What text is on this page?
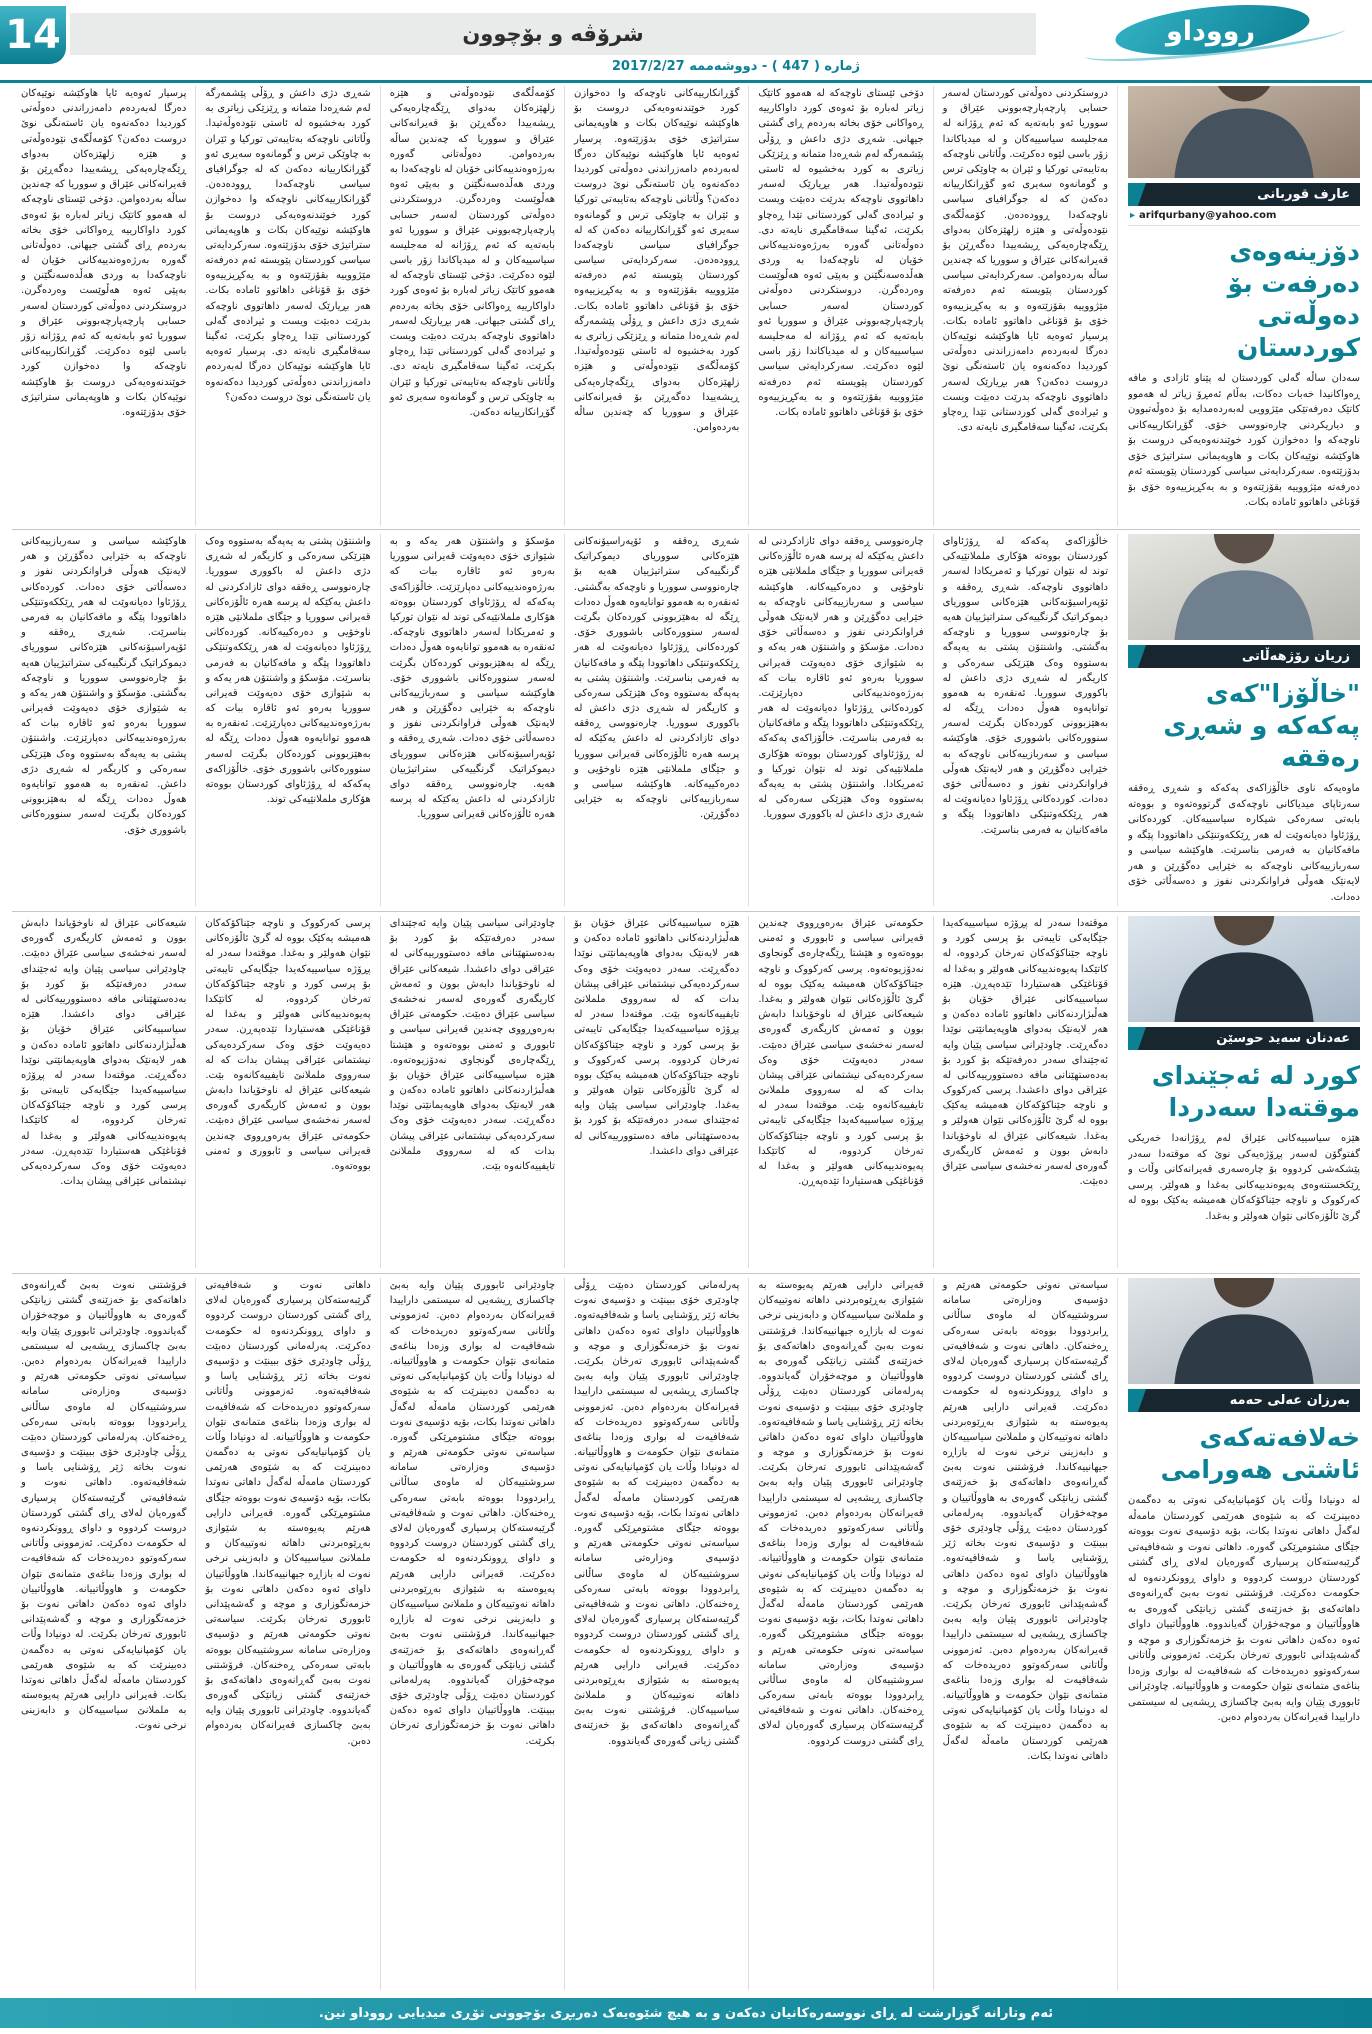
14	شرۆڤە و بۆچوون	رووداو
ژمارە ( 447 ) - دووشەممە 2017/2/27
عارف قوربانی
▸ arifqurbany@yahoo.com
دۆزینەوەی دەرفەت بۆ دەوڵەتی کوردستان

سەدان ساڵە گەلی کوردستان لە پێناو ئازادی و مافە ڕەواکانیدا خەبات دەکات، بەڵام ئەمڕۆ زیاتر لە هەموو کاتێک دەرفەتێکی مێژوویی لەبەردەمدایە بۆ دەوڵەتبوون و دیاریکردنی چارەنووسی خۆی. گۆڕانکارییەکانی ناوچەکە وا دەخوازن کورد خوێندنەوەیەکی دروست بۆ هاوکێشە نوێیەکان بکات و هاوپەیمانی ستراتیژی خۆی بدۆزێتەوە. سەرکردایەتی سیاسی کوردستان پێویستە ئەم دەرفەتە مێژووییە بقۆزێتەوە و بە یەکڕیزییەوە خۆی بۆ قۆناغی داهاتوو ئامادە بکات.

دروستکردنی دەوڵەتی کوردستان لەسەر حسابی پارچەپارچەبوونی عێراق و سووریا ئەو بابەتەیە کە ئەم ڕۆژانە لە مەجلیسە سیاسییەکان و لە میدیاکاندا زۆر باسی لێوە دەکرێت. وڵاتانی ناوچەکە بەتایبەتی تورکیا و ئێران بە چاوێکی ترس و گومانەوە سەیری ئەو گۆڕانکارییانە دەکەن کە لە جوگرافیای سیاسی ناوچەکەدا ڕوودەدەن. کۆمەڵگەی نێودەوڵەتی و هێزە زلهێزەکان بەدوای ڕێگەچارەیەکی ڕیشەییدا دەگەڕێن بۆ قەیرانەکانی عێراق و سووریا کە چەندین ساڵە بەردەوامن. سەرکردایەتی سیاسی کوردستان پێویستە ئەم دەرفەتە مێژووییە بقۆزێتەوە و بە یەکڕیزییەوە خۆی بۆ قۆناغی داهاتوو ئامادە بکات. پرسیار ئەوەیە ئایا هاوکێشە نوێیەکان دەرگا لەبەردەم دامەزراندنی دەوڵەتی کوردیدا دەکەنەوە یان ئاستەنگی نوێ دروست دەکەن؟ هەر بڕیارێک لەسەر داهاتووی ناوچەکە بدرێت دەبێت ویست و ئیرادەی گەلی کوردستانی تێدا ڕەچاو بکرێت، ئەگینا سەقامگیری نایەتە دی.
دۆخی ئێستای ناوچەکە لە هەموو کاتێک زیاتر لەبارە بۆ ئەوەی کورد داواکارییە ڕەواکانی خۆی بخاتە بەردەم ڕای گشتی جیهانی. شەڕی دژی داعش و ڕۆڵی پێشمەرگە لەم شەڕەدا متمانە و ڕێزێکی زیاتری بە کورد بەخشیوە لە ئاستی نێودەوڵەتیدا. هەر بڕیارێک لەسەر داهاتووی ناوچەکە بدرێت دەبێت ویست و ئیرادەی گەلی کوردستانی تێدا ڕەچاو بکرێت، ئەگینا سەقامگیری نایەتە دی. دەوڵەتانی گەورە بەرژەوەندییەکانی خۆیان لە ناوچەکەدا بە وردی هەڵدەسەنگێنن و بەپێی ئەوە هەڵوێست وەردەگرن. دروستکردنی دەوڵەتی کوردستان لەسەر حسابی پارچەپارچەبوونی عێراق و سووریا ئەو بابەتەیە کە ئەم ڕۆژانە لە مەجلیسە سیاسییەکان و لە میدیاکاندا زۆر باسی لێوە دەکرێت. سەرکردایەتی سیاسی کوردستان پێویستە ئەم دەرفەتە مێژووییە بقۆزێتەوە و بە یەکڕیزییەوە خۆی بۆ قۆناغی داهاتوو ئامادە بکات.
گۆڕانکارییەکانی ناوچەکە وا دەخوازن کورد خوێندنەوەیەکی دروست بۆ هاوکێشە نوێیەکان بکات و هاوپەیمانی ستراتیژی خۆی بدۆزێتەوە. پرسیار ئەوەیە ئایا هاوکێشە نوێیەکان دەرگا لەبەردەم دامەزراندنی دەوڵەتی کوردیدا دەکەنەوە یان ئاستەنگی نوێ دروست دەکەن؟ وڵاتانی ناوچەکە بەتایبەتی تورکیا و ئێران بە چاوێکی ترس و گومانەوە سەیری ئەو گۆڕانکارییانە دەکەن کە لە جوگرافیای سیاسی ناوچەکەدا ڕوودەدەن. سەرکردایەتی سیاسی کوردستان پێویستە ئەم دەرفەتە مێژووییە بقۆزێتەوە و بە یەکڕیزییەوە خۆی بۆ قۆناغی داهاتوو ئامادە بکات. شەڕی دژی داعش و ڕۆڵی پێشمەرگە لەم شەڕەدا متمانە و ڕێزێکی زیاتری بە کورد بەخشیوە لە ئاستی نێودەوڵەتیدا. کۆمەڵگەی نێودەوڵەتی و هێزە زلهێزەکان بەدوای ڕێگەچارەیەکی ڕیشەییدا دەگەڕێن بۆ قەیرانەکانی عێراق و سووریا کە چەندین ساڵە بەردەوامن.
کۆمەڵگەی نێودەوڵەتی و هێزە زلهێزەکان بەدوای ڕێگەچارەیەکی ڕیشەییدا دەگەڕێن بۆ قەیرانەکانی عێراق و سووریا کە چەندین ساڵە بەردەوامن. دەوڵەتانی گەورە بەرژەوەندییەکانی خۆیان لە ناوچەکەدا بە وردی هەڵدەسەنگێنن و بەپێی ئەوە هەڵوێست وەردەگرن. دروستکردنی دەوڵەتی کوردستان لەسەر حسابی پارچەپارچەبوونی عێراق و سووریا ئەو بابەتەیە کە ئەم ڕۆژانە لە مەجلیسە سیاسییەکان و لە میدیاکاندا زۆر باسی لێوە دەکرێت. دۆخی ئێستای ناوچەکە لە هەموو کاتێک زیاتر لەبارە بۆ ئەوەی کورد داواکارییە ڕەواکانی خۆی بخاتە بەردەم ڕای گشتی جیهانی. هەر بڕیارێک لەسەر داهاتووی ناوچەکە بدرێت دەبێت ویست و ئیرادەی گەلی کوردستانی تێدا ڕەچاو بکرێت، ئەگینا سەقامگیری نایەتە دی. وڵاتانی ناوچەکە بەتایبەتی تورکیا و ئێران بە چاوێکی ترس و گومانەوە سەیری ئەو گۆڕانکارییانە دەکەن.
شەڕی دژی داعش و ڕۆڵی پێشمەرگە لەم شەڕەدا متمانە و ڕێزێکی زیاتری بە کورد بەخشیوە لە ئاستی نێودەوڵەتیدا. وڵاتانی ناوچەکە بەتایبەتی تورکیا و ئێران بە چاوێکی ترس و گومانەوە سەیری ئەو گۆڕانکارییانە دەکەن کە لە جوگرافیای سیاسی ناوچەکەدا ڕوودەدەن. گۆڕانکارییەکانی ناوچەکە وا دەخوازن کورد خوێندنەوەیەکی دروست بۆ هاوکێشە نوێیەکان بکات و هاوپەیمانی ستراتیژی خۆی بدۆزێتەوە. سەرکردایەتی سیاسی کوردستان پێویستە ئەم دەرفەتە مێژووییە بقۆزێتەوە و بە یەکڕیزییەوە خۆی بۆ قۆناغی داهاتوو ئامادە بکات. هەر بڕیارێک لەسەر داهاتووی ناوچەکە بدرێت دەبێت ویست و ئیرادەی گەلی کوردستانی تێدا ڕەچاو بکرێت، ئەگینا سەقامگیری نایەتە دی. پرسیار ئەوەیە ئایا هاوکێشە نوێیەکان دەرگا لەبەردەم دامەزراندنی دەوڵەتی کوردیدا دەکەنەوە یان ئاستەنگی نوێ دروست دەکەن؟
پرسیار ئەوەیە ئایا هاوکێشە نوێیەکان دەرگا لەبەردەم دامەزراندنی دەوڵەتی کوردیدا دەکەنەوە یان ئاستەنگی نوێ دروست دەکەن؟ کۆمەڵگەی نێودەوڵەتی و هێزە زلهێزەکان بەدوای ڕێگەچارەیەکی ڕیشەییدا دەگەڕێن بۆ قەیرانەکانی عێراق و سووریا کە چەندین ساڵە بەردەوامن. دۆخی ئێستای ناوچەکە لە هەموو کاتێک زیاتر لەبارە بۆ ئەوەی کورد داواکارییە ڕەواکانی خۆی بخاتە بەردەم ڕای گشتی جیهانی. دەوڵەتانی گەورە بەرژەوەندییەکانی خۆیان لە ناوچەکەدا بە وردی هەڵدەسەنگێنن و بەپێی ئەوە هەڵوێست وەردەگرن. دروستکردنی دەوڵەتی کوردستان لەسەر حسابی پارچەپارچەبوونی عێراق و سووریا ئەو بابەتەیە کە ئەم ڕۆژانە زۆر باسی لێوە دەکرێت. گۆڕانکارییەکانی ناوچەکە وا دەخوازن کورد خوێندنەوەیەکی دروست بۆ هاوکێشە نوێیەکان بکات و هاوپەیمانی ستراتیژی خۆی بدۆزێتەوە.
زریان رۆژهەڵاتی
"خاڵۆزا"کەی پەکەکە و شەڕی رەققە

ماوەیەکە ناوی خاڵۆزاکەی پەکەکە و شەڕی ڕەققە سەرتاپای میدیاکانی ناوچەکەی گرتووەتەوە و بووەتە بابەتی سەرەکی شیکارە سیاسییەکان. کوردەکانی ڕۆژئاوا دەیانەوێت لە هەر ڕێککەوتنێکی داهاتوودا پێگە و مافەکانیان بە فەرمی بناسرێت. هاوکێشە سیاسی و سەربازییەکانی ناوچەکە بە خێرایی دەگۆڕێن و هەر لایەنێک هەوڵی فراوانکردنی نفوز و دەسەڵاتی خۆی دەدات.

خاڵۆزاکەی پەکەکە لە ڕۆژئاوای کوردستان بووەتە هۆکاری ململانێیەکی توند لە نێوان تورکیا و ئەمریکادا لەسەر داهاتووی ناوچەکە. شەڕی ڕەققە و ئۆپەراسیۆنەکانی هێزەکانی سووریای دیموکراتیک گرنگییەکی ستراتیژییان هەیە بۆ چارەنووسی سووریا و ناوچەکە بەگشتی. واشنتۆن پشتی بە یەپەگە بەستووە وەک هێزێکی سەرەکی و کاریگەر لە شەڕی دژی داعش لە باکووری سووریا. ئەنقەرە بە هەموو توانایەوە هەوڵ دەدات ڕێگە لە بەهێزبوونی کوردەکان بگرێت لەسەر سنوورەکانی باشووری خۆی. هاوکێشە سیاسی و سەربازییەکانی ناوچەکە بە خێرایی دەگۆڕێن و هەر لایەنێک هەوڵی فراوانکردنی نفوز و دەسەڵاتی خۆی دەدات. کوردەکانی ڕۆژئاوا دەیانەوێت لە هەر ڕێککەوتنێکی داهاتوودا پێگە و مافەکانیان بە فەرمی بناسرێت.
چارەنووسی ڕەققە دوای ئازادکردنی لە داعش یەکێکە لە پرسە هەرە ئاڵۆزەکانی قەیرانی سووریا و جێگای ململانێی هێزە ناوخۆیی و دەرەکییەکانە. هاوکێشە سیاسی و سەربازییەکانی ناوچەکە بە خێرایی دەگۆڕێن و هەر لایەنێک هەوڵی فراوانکردنی نفوز و دەسەڵاتی خۆی دەدات. مۆسکۆ و واشنتۆن هەر یەکە و بە شێوازی خۆی دەیەوێت قەیرانی سووریا بەرەو ئەو ئاقارە ببات کە بەرژەوەندییەکانی دەپارێزێت. کوردەکانی ڕۆژئاوا دەیانەوێت لە هەر ڕێککەوتنێکی داهاتوودا پێگە و مافەکانیان بە فەرمی بناسرێت. خاڵۆزاکەی پەکەکە لە ڕۆژئاوای کوردستان بووەتە هۆکاری ململانێیەکی توند لە نێوان تورکیا و ئەمریکادا. واشنتۆن پشتی بە یەپەگە بەستووە وەک هێزێکی سەرەکی لە شەڕی دژی داعش لە باکووری سووریا.
شەڕی ڕەققە و ئۆپەراسیۆنەکانی هێزەکانی سووریای دیموکراتیک گرنگییەکی ستراتیژییان هەیە بۆ چارەنووسی سووریا و ناوچەکە بەگشتی. ئەنقەرە بە هەموو توانایەوە هەوڵ دەدات ڕێگە لە بەهێزبوونی کوردەکان بگرێت لەسەر سنوورەکانی باشووری خۆی. کوردەکانی ڕۆژئاوا دەیانەوێت لە هەر ڕێککەوتنێکی داهاتوودا پێگە و مافەکانیان بە فەرمی بناسرێت. واشنتۆن پشتی بە یەپەگە بەستووە وەک هێزێکی سەرەکی و کاریگەر لە شەڕی دژی داعش لە باکووری سووریا. چارەنووسی ڕەققە دوای ئازادکردنی لە داعش یەکێکە لە پرسە هەرە ئاڵۆزەکانی قەیرانی سووریا و جێگای ململانێی هێزە ناوخۆیی و دەرەکییەکانە. هاوکێشە سیاسی و سەربازییەکانی ناوچەکە بە خێرایی دەگۆڕێن.
مۆسکۆ و واشنتۆن هەر یەکە و بە شێوازی خۆی دەیەوێت قەیرانی سووریا بەرەو ئەو ئاقارە ببات کە بەرژەوەندییەکانی دەپارێزێت. خاڵۆزاکەی پەکەکە لە ڕۆژئاوای کوردستان بووەتە هۆکاری ململانێیەکی توند لە نێوان تورکیا و ئەمریکادا لەسەر داهاتووی ناوچەکە. ئەنقەرە بە هەموو توانایەوە هەوڵ دەدات ڕێگە لە بەهێزبوونی کوردەکان بگرێت لەسەر سنوورەکانی باشووری خۆی. هاوکێشە سیاسی و سەربازییەکانی ناوچەکە بە خێرایی دەگۆڕێن و هەر لایەنێک هەوڵی فراوانکردنی نفوز و دەسەڵاتی خۆی دەدات. شەڕی ڕەققە و ئۆپەراسیۆنەکانی هێزەکانی سووریای دیموکراتیک گرنگییەکی ستراتیژییان هەیە. چارەنووسی ڕەققە دوای ئازادکردنی لە داعش یەکێکە لە پرسە هەرە ئاڵۆزەکانی قەیرانی سووریا.
واشنتۆن پشتی بە یەپەگە بەستووە وەک هێزێکی سەرەکی و کاریگەر لە شەڕی دژی داعش لە باکووری سووریا. چارەنووسی ڕەققە دوای ئازادکردنی لە داعش یەکێکە لە پرسە هەرە ئاڵۆزەکانی قەیرانی سووریا و جێگای ململانێی هێزە ناوخۆیی و دەرەکییەکانە. کوردەکانی ڕۆژئاوا دەیانەوێت لە هەر ڕێککەوتنێکی داهاتوودا پێگە و مافەکانیان بە فەرمی بناسرێت. مۆسکۆ و واشنتۆن هەر یەکە و بە شێوازی خۆی دەیەوێت قەیرانی سووریا بەرەو ئەو ئاقارە ببات کە بەرژەوەندییەکانی دەپارێزێت. ئەنقەرە بە هەموو توانایەوە هەوڵ دەدات ڕێگە لە بەهێزبوونی کوردەکان بگرێت لەسەر سنوورەکانی باشووری خۆی. خاڵۆزاکەی پەکەکە لە ڕۆژئاوای کوردستان بووەتە هۆکاری ململانێیەکی توند.
هاوکێشە سیاسی و سەربازییەکانی ناوچەکە بە خێرایی دەگۆڕێن و هەر لایەنێک هەوڵی فراوانکردنی نفوز و دەسەڵاتی خۆی دەدات. کوردەکانی ڕۆژئاوا دەیانەوێت لە هەر ڕێککەوتنێکی داهاتوودا پێگە و مافەکانیان بە فەرمی بناسرێت. شەڕی ڕەققە و ئۆپەراسیۆنەکانی هێزەکانی سووریای دیموکراتیک گرنگییەکی ستراتیژییان هەیە بۆ چارەنووسی سووریا و ناوچەکە بەگشتی. مۆسکۆ و واشنتۆن هەر یەکە و بە شێوازی خۆی دەیەوێت قەیرانی سووریا بەرەو ئەو ئاقارە ببات کە بەرژەوەندییەکانی دەپارێزێت. واشنتۆن پشتی بە یەپەگە بەستووە وەک هێزێکی سەرەکی و کاریگەر لە شەڕی دژی داعش. ئەنقەرە بە هەموو توانایەوە هەوڵ دەدات ڕێگە لە بەهێزبوونی کوردەکان بگرێت لەسەر سنوورەکانی باشووری خۆی.
عەدنان سەید حوسێن
کورد لە ئەجێندای موقتەدا سەدردا

هێزە سیاسییەکانی عێراق لەم ڕۆژانەدا خەریکی گفتوگۆن لەسەر پڕۆژەیەکی نوێ کە موقتەدا سەدر پێشکەشی کردووە بۆ چارەسەری قەیرانەکانی وڵات و ڕێکخستنەوەی پەیوەندییەکانی بەغدا و هەولێر. پرسی کەرکووک و ناوچە جێناکۆکەکان هەمیشە یەکێک بووە لە گرێ ئاڵۆزەکانی نێوان هەولێر و بەغدا.

موقتەدا سەدر لە پڕۆژە سیاسییەکەیدا جێگایەکی تایبەتی بۆ پرسی کورد و ناوچە جێناکۆکەکان تەرخان کردووە، لە کاتێکدا پەیوەندییەکانی هەولێر و بەغدا لە قۆناغێکی هەستیاردا تێدەپەڕن. هێزە سیاسییەکانی عێراق خۆیان بۆ هەڵبژاردنەکانی داهاتوو ئامادە دەکەن و هەر لایەنێک بەدوای هاوپەیمانێتی نوێدا دەگەڕێت. چاودێرانی سیاسی پێیان وایە ئەجێندای سەدر دەرفەتێکە بۆ کورد بۆ بەدەستهێنانی مافە دەستوورییەکانی لە عێراقی دوای داعشدا. پرسی کەرکووک و ناوچە جێناکۆکەکان هەمیشە یەکێک بووە لە گرێ ئاڵۆزەکانی نێوان هەولێر و بەغدا. شیعەکانی عێراق لە ناوخۆیاندا دابەش بوون و ئەمەش کاریگەری گەورەی لەسەر نەخشەی سیاسی عێراق دەبێت.
حکومەتی عێراق بەرەوڕووی چەندین قەیرانی سیاسی و ئابووری و ئەمنی بووەتەوە و هێشتا ڕێگەچارەی گونجاوی نەدۆزیوەتەوە. پرسی کەرکووک و ناوچە جێناکۆکەکان هەمیشە یەکێک بووە لە گرێ ئاڵۆزەکانی نێوان هەولێر و بەغدا. شیعەکانی عێراق لە ناوخۆیاندا دابەش بوون و ئەمەش کاریگەری گەورەی لەسەر نەخشەی سیاسی عێراق دەبێت. سەدر دەیەوێت خۆی وەک سەرکردەیەکی نیشتمانی عێراقی پیشان بدات کە لە سەرووی ململانێ تایفییەکانەوە بێت. موقتەدا سەدر لە پڕۆژە سیاسییەکەیدا جێگایەکی تایبەتی بۆ پرسی کورد و ناوچە جێناکۆکەکان تەرخان کردووە، لە کاتێکدا پەیوەندییەکانی هەولێر و بەغدا لە قۆناغێکی هەستیاردا تێدەپەڕن.
هێزە سیاسییەکانی عێراق خۆیان بۆ هەڵبژاردنەکانی داهاتوو ئامادە دەکەن و هەر لایەنێک بەدوای هاوپەیمانێتی نوێدا دەگەڕێت. سەدر دەیەوێت خۆی وەک سەرکردەیەکی نیشتمانی عێراقی پیشان بدات کە لە سەرووی ململانێ تایفییەکانەوە بێت. موقتەدا سەدر لە پڕۆژە سیاسییەکەیدا جێگایەکی تایبەتی بۆ پرسی کورد و ناوچە جێناکۆکەکان تەرخان کردووە. پرسی کەرکووک و ناوچە جێناکۆکەکان هەمیشە یەکێک بووە لە گرێ ئاڵۆزەکانی نێوان هەولێر و بەغدا. چاودێرانی سیاسی پێیان وایە ئەجێندای سەدر دەرفەتێکە بۆ کورد بۆ بەدەستهێنانی مافە دەستوورییەکانی لە عێراقی دوای داعشدا.
چاودێرانی سیاسی پێیان وایە ئەجێندای سەدر دەرفەتێکە بۆ کورد بۆ بەدەستهێنانی مافە دەستوورییەکانی لە عێراقی دوای داعشدا. شیعەکانی عێراق لە ناوخۆیاندا دابەش بوون و ئەمەش کاریگەری گەورەی لەسەر نەخشەی سیاسی عێراق دەبێت. حکومەتی عێراق بەرەوڕووی چەندین قەیرانی سیاسی و ئابووری و ئەمنی بووەتەوە و هێشتا ڕێگەچارەی گونجاوی نەدۆزیوەتەوە. هێزە سیاسییەکانی عێراق خۆیان بۆ هەڵبژاردنەکانی داهاتوو ئامادە دەکەن و هەر لایەنێک بەدوای هاوپەیمانێتی نوێدا دەگەڕێت. سەدر دەیەوێت خۆی وەک سەرکردەیەکی نیشتمانی عێراقی پیشان بدات کە لە سەرووی ململانێ تایفییەکانەوە بێت.
پرسی کەرکووک و ناوچە جێناکۆکەکان هەمیشە یەکێک بووە لە گرێ ئاڵۆزەکانی نێوان هەولێر و بەغدا. موقتەدا سەدر لە پڕۆژە سیاسییەکەیدا جێگایەکی تایبەتی بۆ پرسی کورد و ناوچە جێناکۆکەکان تەرخان کردووە، لە کاتێکدا پەیوەندییەکانی هەولێر و بەغدا لە قۆناغێکی هەستیاردا تێدەپەڕن. سەدر دەیەوێت خۆی وەک سەرکردەیەکی نیشتمانی عێراقی پیشان بدات کە لە سەرووی ململانێ تایفییەکانەوە بێت. شیعەکانی عێراق لە ناوخۆیاندا دابەش بوون و ئەمەش کاریگەری گەورەی لەسەر نەخشەی سیاسی عێراق دەبێت. حکومەتی عێراق بەرەوڕووی چەندین قەیرانی سیاسی و ئابووری و ئەمنی بووەتەوە.
شیعەکانی عێراق لە ناوخۆیاندا دابەش بوون و ئەمەش کاریگەری گەورەی لەسەر نەخشەی سیاسی عێراق دەبێت. چاودێرانی سیاسی پێیان وایە ئەجێندای سەدر دەرفەتێکە بۆ کورد بۆ بەدەستهێنانی مافە دەستوورییەکانی لە عێراقی دوای داعشدا. هێزە سیاسییەکانی عێراق خۆیان بۆ هەڵبژاردنەکانی داهاتوو ئامادە دەکەن و هەر لایەنێک بەدوای هاوپەیمانێتی نوێدا دەگەڕێت. موقتەدا سەدر لە پڕۆژە سیاسییەکەیدا جێگایەکی تایبەتی بۆ پرسی کورد و ناوچە جێناکۆکەکان تەرخان کردووە، لە کاتێکدا پەیوەندییەکانی هەولێر و بەغدا لە قۆناغێکی هەستیاردا تێدەپەڕن. سەدر دەیەوێت خۆی وەک سەرکردەیەکی نیشتمانی عێراقی پیشان بدات.
بەرزان عەلی حەمە
خەلافەتەکەی ئاشتی هەورامی

لە دونیادا وڵات یان کۆمپانیایەکی نەوتی بە دەگمەن دەبینرێت کە بە شێوەی هەرێمی کوردستان مامەڵە لەگەڵ داهاتی نەوتدا بکات، بۆیە دۆسیەی نەوت بووەتە جێگای مشتومڕێکی گەورە. داهاتی نەوت و شەفافیەتی گرێبەستەکان پرسیاری گەورەیان لەلای ڕای گشتی کوردستان دروست کردووە و داوای ڕوونکردنەوە لە حکومەت دەکرێت. فرۆشتنی نەوت بەبێ گەڕانەوەی داهاتەکەی بۆ خەزێنەی گشتی زیانێکی گەورەی بە هاووڵاتییان و موچەخۆران گەیاندووە. هاووڵاتییان داوای ئەوە دەکەن داهاتی نەوت بۆ خزمەتگوزاری و موچە و گەشەپێدانی ئابووری تەرخان بکرێت. ئەزموونی وڵاتانی سەرکەوتوو دەریدەخات کە شەفافیەت لە بواری وزەدا بناغەی متمانەی نێوان حکومەت و هاووڵاتییانە. چاودێرانی ئابووری پێیان وایە بەبێ چاکسازی ڕیشەیی لە سیستمی داراییدا قەیرانەکان بەردەوام دەبن.

سیاسەتی نەوتی حکومەتی هەرێم و دۆسیەی وەزارەتی سامانە سروشتییەکان لە ماوەی ساڵانی ڕابردوودا بووەتە بابەتی سەرەکی ڕەخنەکان. داهاتی نەوت و شەفافیەتی گرێبەستەکان پرسیاری گەورەیان لەلای ڕای گشتی کوردستان دروست کردووە و داوای ڕوونکردنەوە لە حکومەت دەکرێت. قەیرانی دارایی هەرێم پەیوەستە بە شێوازی بەڕێوەبردنی داهاتە نەوتییەکان و ململانێ سیاسییەکان و دابەزینی نرخی نەوت لە بازاڕە جیهانییەکاندا. فرۆشتنی نەوت بەبێ گەڕانەوەی داهاتەکەی بۆ خەزێنەی گشتی زیانێکی گەورەی بە هاووڵاتییان و موچەخۆران گەیاندووە. پەرلەمانی کوردستان دەبێت ڕۆڵی چاودێری خۆی ببینێت و دۆسیەی نەوت بخاتە ژێر ڕۆشنایی یاسا و شەفافیەتەوە. هاووڵاتییان داوای ئەوە دەکەن داهاتی نەوت بۆ خزمەتگوزاری و موچە و گەشەپێدانی ئابووری تەرخان بکرێت. چاودێرانی ئابووری پێیان وایە بەبێ چاکسازی ڕیشەیی لە سیستمی داراییدا قەیرانەکان بەردەوام دەبن. ئەزموونی وڵاتانی سەرکەوتوو دەریدەخات کە شەفافیەت لە بواری وزەدا بناغەی متمانەی نێوان حکومەت و هاووڵاتییانە. لە دونیادا وڵات یان کۆمپانیایەکی نەوتی بە دەگمەن دەبینرێت کە بە شێوەی هەرێمی کوردستان مامەڵە لەگەڵ داهاتی نەوتدا بکات.
قەیرانی دارایی هەرێم پەیوەستە بە شێوازی بەڕێوەبردنی داهاتە نەوتییەکان و ململانێ سیاسییەکان و دابەزینی نرخی نەوت لە بازاڕە جیهانییەکاندا. فرۆشتنی نەوت بەبێ گەڕانەوەی داهاتەکەی بۆ خەزێنەی گشتی زیانێکی گەورەی بە هاووڵاتییان و موچەخۆران گەیاندووە. پەرلەمانی کوردستان دەبێت ڕۆڵی چاودێری خۆی ببینێت و دۆسیەی نەوت بخاتە ژێر ڕۆشنایی یاسا و شەفافیەتەوە. هاووڵاتییان داوای ئەوە دەکەن داهاتی نەوت بۆ خزمەتگوزاری و موچە و گەشەپێدانی ئابووری تەرخان بکرێت. چاودێرانی ئابووری پێیان وایە بەبێ چاکسازی ڕیشەیی لە سیستمی داراییدا قەیرانەکان بەردەوام دەبن. ئەزموونی وڵاتانی سەرکەوتوو دەریدەخات کە شەفافیەت لە بواری وزەدا بناغەی متمانەی نێوان حکومەت و هاووڵاتییانە. لە دونیادا وڵات یان کۆمپانیایەکی نەوتی بە دەگمەن دەبینرێت کە بە شێوەی هەرێمی کوردستان مامەڵە لەگەڵ داهاتی نەوتدا بکات، بۆیە دۆسیەی نەوت بووەتە جێگای مشتومڕێکی گەورە. سیاسەتی نەوتی حکومەتی هەرێم و دۆسیەی وەزارەتی سامانە سروشتییەکان لە ماوەی ساڵانی ڕابردوودا بووەتە بابەتی سەرەکی ڕەخنەکان. داهاتی نەوت و شەفافیەتی گرێبەستەکان پرسیاری گەورەیان لەلای ڕای گشتی دروست کردووە.
پەرلەمانی کوردستان دەبێت ڕۆڵی چاودێری خۆی ببینێت و دۆسیەی نەوت بخاتە ژێر ڕۆشنایی یاسا و شەفافیەتەوە. هاووڵاتییان داوای ئەوە دەکەن داهاتی نەوت بۆ خزمەتگوزاری و موچە و گەشەپێدانی ئابووری تەرخان بکرێت. چاودێرانی ئابووری پێیان وایە بەبێ چاکسازی ڕیشەیی لە سیستمی داراییدا قەیرانەکان بەردەوام دەبن. ئەزموونی وڵاتانی سەرکەوتوو دەریدەخات کە شەفافیەت لە بواری وزەدا بناغەی متمانەی نێوان حکومەت و هاووڵاتییانە. لە دونیادا وڵات یان کۆمپانیایەکی نەوتی بە دەگمەن دەبینرێت کە بە شێوەی هەرێمی کوردستان مامەڵە لەگەڵ داهاتی نەوتدا بکات، بۆیە دۆسیەی نەوت بووەتە جێگای مشتومڕێکی گەورە. سیاسەتی نەوتی حکومەتی هەرێم و دۆسیەی وەزارەتی سامانە سروشتییەکان لە ماوەی ساڵانی ڕابردوودا بووەتە بابەتی سەرەکی ڕەخنەکان. داهاتی نەوت و شەفافیەتی گرێبەستەکان پرسیاری گەورەیان لەلای ڕای گشتی کوردستان دروست کردووە و داوای ڕوونکردنەوە لە حکومەت دەکرێت. قەیرانی دارایی هەرێم پەیوەستە بە شێوازی بەڕێوەبردنی داهاتە نەوتییەکان و ململانێ سیاسییەکان. فرۆشتنی نەوت بەبێ گەڕانەوەی داهاتەکەی بۆ خەزێنەی گشتی زیانی گەورەی گەیاندووە.
چاودێرانی ئابووری پێیان وایە بەبێ چاکسازی ڕیشەیی لە سیستمی داراییدا قەیرانەکان بەردەوام دەبن. ئەزموونی وڵاتانی سەرکەوتوو دەریدەخات کە شەفافیەت لە بواری وزەدا بناغەی متمانەی نێوان حکومەت و هاووڵاتییانە. لە دونیادا وڵات یان کۆمپانیایەکی نەوتی بە دەگمەن دەبینرێت کە بە شێوەی هەرێمی کوردستان مامەڵە لەگەڵ داهاتی نەوتدا بکات، بۆیە دۆسیەی نەوت بووەتە جێگای مشتومڕێکی گەورە. سیاسەتی نەوتی حکومەتی هەرێم و دۆسیەی وەزارەتی سامانە سروشتییەکان لە ماوەی ساڵانی ڕابردوودا بووەتە بابەتی سەرەکی ڕەخنەکان. داهاتی نەوت و شەفافیەتی گرێبەستەکان پرسیاری گەورەیان لەلای ڕای گشتی کوردستان دروست کردووە و داوای ڕوونکردنەوە لە حکومەت دەکرێت. قەیرانی دارایی هەرێم پەیوەستە بە شێوازی بەڕێوەبردنی داهاتە نەوتییەکان و ململانێ سیاسییەکان و دابەزینی نرخی نەوت لە بازاڕە جیهانییەکاندا. فرۆشتنی نەوت بەبێ گەڕانەوەی داهاتەکەی بۆ خەزێنەی گشتی زیانێکی گەورەی بە هاووڵاتییان و موچەخۆران گەیاندووە. پەرلەمانی کوردستان دەبێت ڕۆڵی چاودێری خۆی ببینێت. هاووڵاتییان داوای ئەوە دەکەن داهاتی نەوت بۆ خزمەتگوزاری تەرخان بکرێت.
داهاتی نەوت و شەفافیەتی گرێبەستەکان پرسیاری گەورەیان لەلای ڕای گشتی کوردستان دروست کردووە و داوای ڕوونکردنەوە لە حکومەت دەکرێت. پەرلەمانی کوردستان دەبێت ڕۆڵی چاودێری خۆی ببینێت و دۆسیەی نەوت بخاتە ژێر ڕۆشنایی یاسا و شەفافیەتەوە. ئەزموونی وڵاتانی سەرکەوتوو دەریدەخات کە شەفافیەت لە بواری وزەدا بناغەی متمانەی نێوان حکومەت و هاووڵاتییانە. لە دونیادا وڵات یان کۆمپانیایەکی نەوتی بە دەگمەن دەبینرێت کە بە شێوەی هەرێمی کوردستان مامەڵە لەگەڵ داهاتی نەوتدا بکات، بۆیە دۆسیەی نەوت بووەتە جێگای مشتومڕێکی گەورە. قەیرانی دارایی هەرێم پەیوەستە بە شێوازی بەڕێوەبردنی داهاتە نەوتییەکان و ململانێ سیاسییەکان و دابەزینی نرخی نەوت لە بازاڕە جیهانییەکاندا. هاووڵاتییان داوای ئەوە دەکەن داهاتی نەوت بۆ خزمەتگوزاری و موچە و گەشەپێدانی ئابووری تەرخان بکرێت. سیاسەتی نەوتی حکومەتی هەرێم و دۆسیەی وەزارەتی سامانە سروشتییەکان بووەتە بابەتی سەرەکی ڕەخنەکان. فرۆشتنی نەوت بەبێ گەڕانەوەی داهاتەکەی بۆ خەزێنەی گشتی زیانێکی گەورەی گەیاندووە. چاودێرانی ئابووری پێیان وایە بەبێ چاکسازی قەیرانەکان بەردەوام دەبن.
فرۆشتنی نەوت بەبێ گەڕانەوەی داهاتەکەی بۆ خەزێنەی گشتی زیانێکی گەورەی بە هاووڵاتییان و موچەخۆران گەیاندووە. چاودێرانی ئابووری پێیان وایە بەبێ چاکسازی ڕیشەیی لە سیستمی داراییدا قەیرانەکان بەردەوام دەبن. سیاسەتی نەوتی حکومەتی هەرێم و دۆسیەی وەزارەتی سامانە سروشتییەکان لە ماوەی ساڵانی ڕابردوودا بووەتە بابەتی سەرەکی ڕەخنەکان. پەرلەمانی کوردستان دەبێت ڕۆڵی چاودێری خۆی ببینێت و دۆسیەی نەوت بخاتە ژێر ڕۆشنایی یاسا و شەفافیەتەوە. داهاتی نەوت و شەفافیەتی گرێبەستەکان پرسیاری گەورەیان لەلای ڕای گشتی کوردستان دروست کردووە و داوای ڕوونکردنەوە لە حکومەت دەکرێت. ئەزموونی وڵاتانی سەرکەوتوو دەریدەخات کە شەفافیەت لە بواری وزەدا بناغەی متمانەی نێوان حکومەت و هاووڵاتییانە. هاووڵاتییان داوای ئەوە دەکەن داهاتی نەوت بۆ خزمەتگوزاری و موچە و گەشەپێدانی ئابووری تەرخان بکرێت. لە دونیادا وڵات یان کۆمپانیایەکی نەوتی بە دەگمەن دەبینرێت کە بە شێوەی هەرێمی کوردستان مامەڵە لەگەڵ داهاتی نەوتدا بکات. قەیرانی دارایی هەرێم پەیوەستە بە ململانێ سیاسییەکان و دابەزینی نرخی نەوت.
ئەم وتارانە گوزارشت لە ڕای نووسەرەکانیان دەکەن و بە هیچ شێوەیەک دەربڕی بۆچوونی تۆڕی میدیایی رووداو نین.
